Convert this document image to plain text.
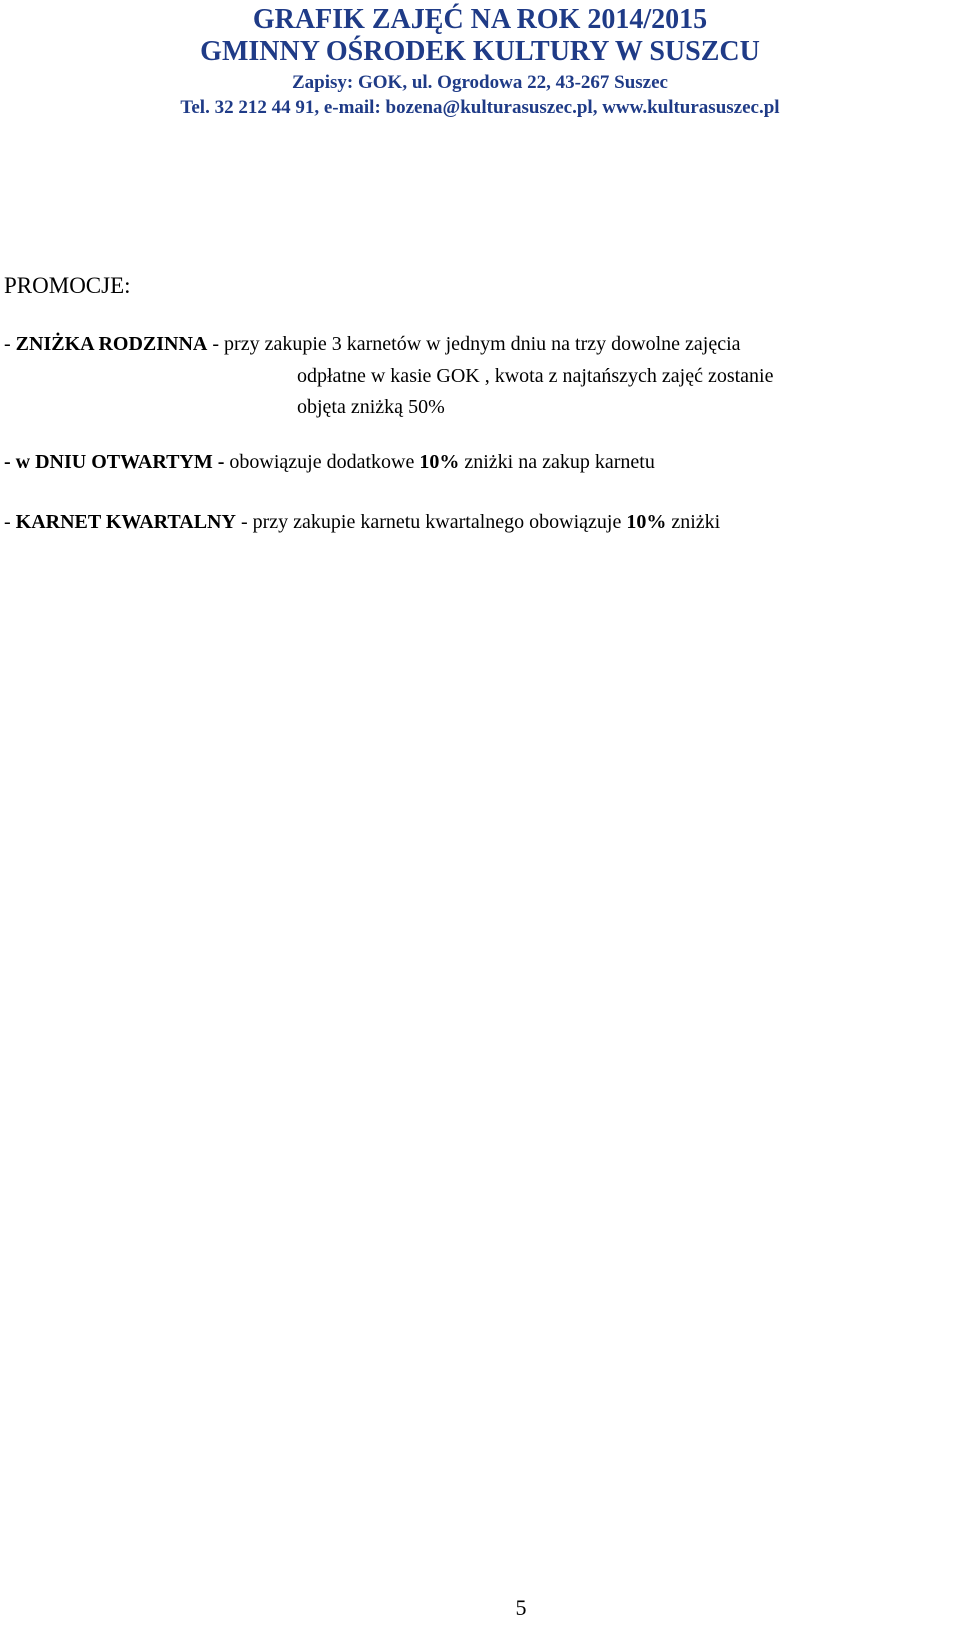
GRAFIK ZAJĘĆ NA ROK 2014/2015
GMINNY OŚRODEK KULTURY W SUSZCU

Zapisy: GOK, ul. Ogrodowa 22, 43-267 Suszec

Tel. 32 212 44 91, e-mail: bozena@kulturasuszec.pl, www.kulturasuszec.pl

PROMOCJE:

- ZNIŻKA RODZINNA - przy zakupie 3 karnetów w jednym dniu na trzy dowolne zajęcia

odpłatne w kasie GOK , kwota z najtańszych zajęć zostanie

objęta zniżką 50%

- w DNIU OTWARTYM - obowiązuje dodatkowe 10% zniżki na zakup karnetu

- KARNET KWARTALNY - przy zakupie karnetu kwartalnego obowiązuje 10% zniżki

5
